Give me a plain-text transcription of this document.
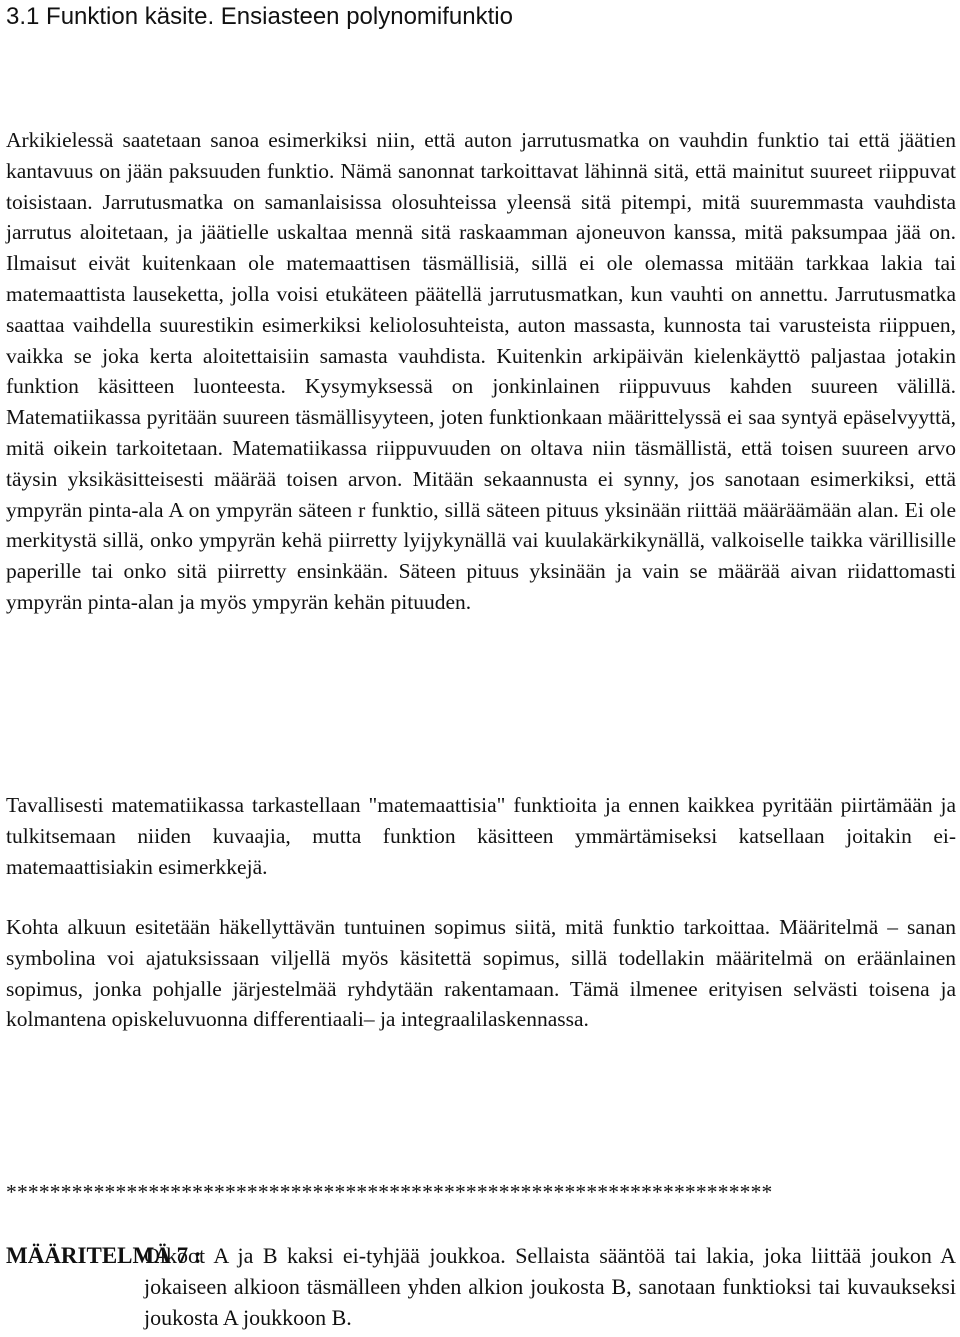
3.1 Funktion käsite. Ensiasteen polynomifunktio

Arkikielessä saatetaan sanoa esimerkiksi niin, että auton jarrutusmatka on vauhdin funktio tai että jäätien kantavuus on jään paksuuden funktio. Nämä sanonnat tarkoittavat lähinnä sitä, että mainitut suureet riippuvat toisistaan. Jarrutusmatka on samanlaisissa olosuhteissa yleensä sitä pitempi, mitä suuremmasta vauhdista jarrutus aloitetaan, ja jäätielle uskaltaa mennä sitä raskaamman ajoneuvon kanssa, mitä paksumpaa jää on. Ilmaisut eivät kuitenkaan ole matemaattisen täsmällisiä, sillä ei ole olemassa mitään tarkkaa lakia tai matemaattista lauseketta, jolla voisi etukäteen päätellä jarrutusmatkan, kun vauhti on annettu. Jarrutusmatka saattaa vaihdella suurestikin esimerkiksi keliolosuhteista, auton massasta, kunnosta tai varusteista riippuen, vaikka se joka kerta aloitettaisiin samasta vauhdista. Kuitenkin arkipäivän kielenkäyttö paljastaa jotakin funktion käsitteen luonteesta. Kysymyksessä on jonkinlainen riippuvuus kahden suureen välillä. Matematiikassa pyritään suureen täsmällisyyteen, joten funktionkaan määrittelyssä ei saa syntyä epäselvyyttä, mitä oikein tarkoitetaan. Matematiikassa riippuvuuden on oltava niin täsmällistä, että toisen suureen arvo täysin yksikäsitteisesti määrää toisen arvon. Mitään sekaannusta ei synny, jos sanotaan esimerkiksi, että ympyrän pinta-ala A on ympyrän säteen r funktio, sillä säteen pituus yksinään riittää määräämään alan. Ei ole merkitystä sillä, onko ympyrän kehä piirretty lyijykynällä vai kuulakärkikynällä, valkoiselle taikka värillisille paperille tai onko sitä piirretty ensinkään. Säteen pituus yksinään ja vain se määrää aivan riidattomasti ympyrän pinta-alan ja myös ympyrän kehän pituuden.

Tavallisesti matematiikassa tarkastellaan "matemaattisia" funktioita ja ennen kaikkea pyritään piirtämään ja tulkitsemaan niiden kuvaajia, mutta funktion käsitteen ymmärtämiseksi katsellaan joitakin ei-matemaattisiakin esimerkkejä.

Kohta alkuun esitetään häkellyttävän tuntuinen sopimus siitä, mitä funktio tarkoittaa. Määritelmä – sanan symbolina voi ajatuksissaan viljellä myös käsitettä sopimus, sillä todellakin määritelmä on eräänlainen sopimus, jonka pohjalle järjestelmää ryhdytään rakentamaan. Tämä ilmenee erityisen selvästi toisena ja kolmantena opiskeluvuonna differentiaali– ja integraalilaskennassa.

**********************************************************************
MÄÄRITELMÄ 7 :
Olkoot A ja B kaksi ei-tyhjää joukkoa. Sellaista sääntöä tai lakia, joka liittää joukon A jokaiseen alkioon täsmälleen yhden alkion joukosta B, sanotaan funktioksi tai kuvaukseksi joukosta A joukkoon B.
